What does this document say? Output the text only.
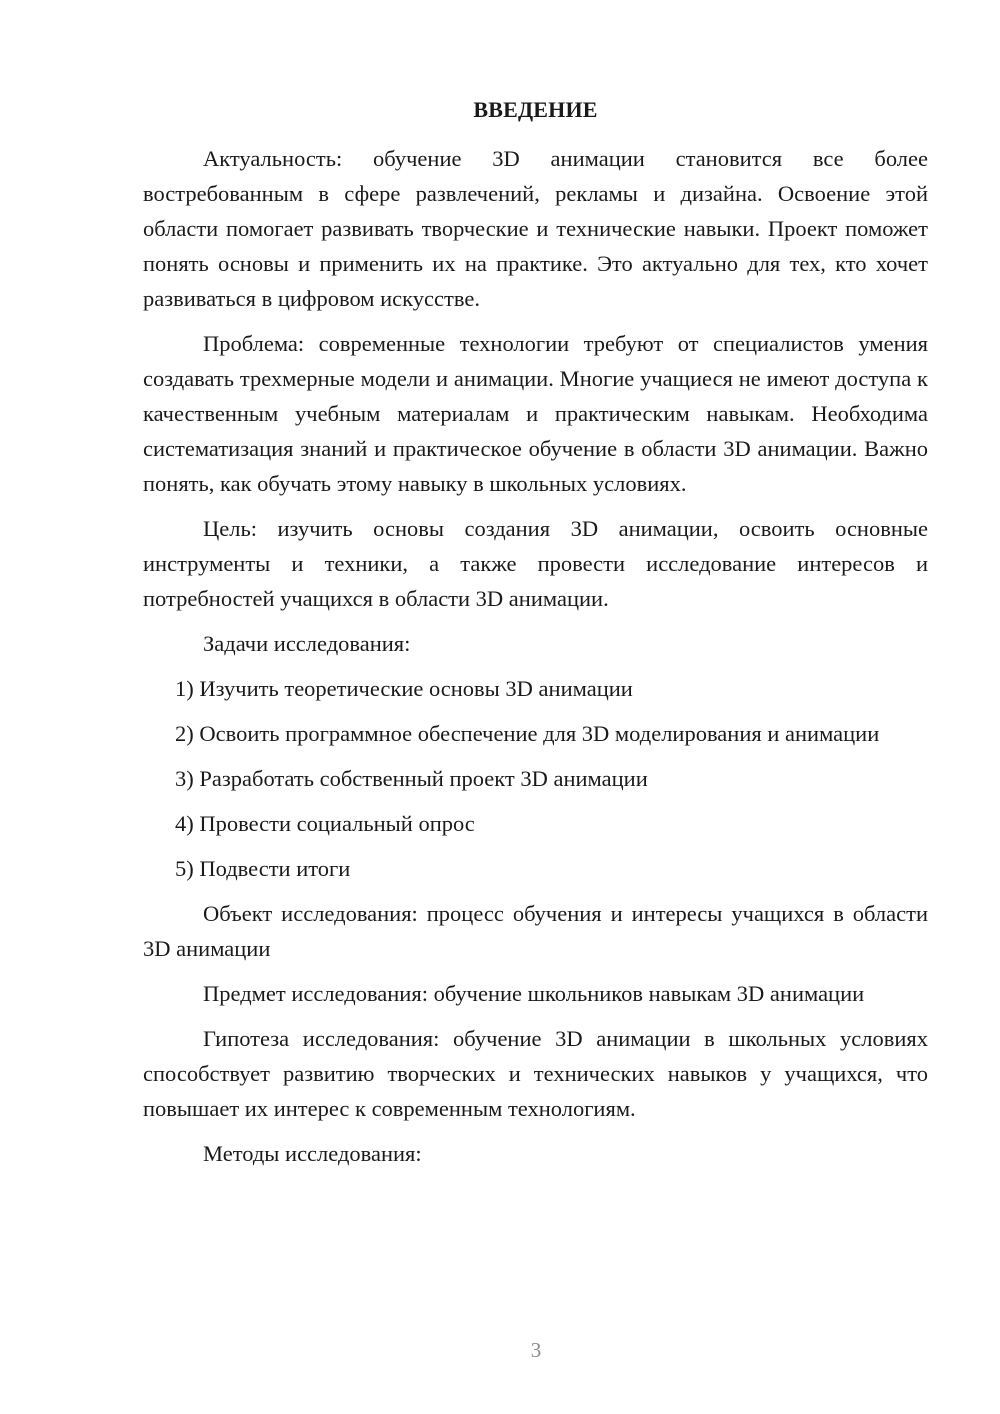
ВВЕДЕНИЕ

Актуальность: обучение 3D анимации становится все более востребованным в сфере развлечений, рекламы и дизайна. Освоение этой области помогает развивать творческие и технические навыки. Проект поможет понять основы и применить их на практике. Это актуально для тех, кто хочет развиваться в цифровом искусстве.

Проблема: современные технологии требуют от специалистов умения создавать трехмерные модели и анимации. Многие учащиеся не имеют доступа к качественным учебным материалам и практическим навыкам. Необходима систематизация знаний и практическое обучение в области 3D анимации. Важно понять, как обучать этому навыку в школьных условиях.

Цель: изучить основы создания 3D анимации, освоить основные инструменты и техники, а также провести исследование интересов и потребностей учащихся в области 3D анимации.

Задачи исследования:

1) Изучить теоретические основы 3D анимации

2) Освоить программное обеспечение для 3D моделирования и анимации

3) Разработать собственный проект 3D анимации

4) Провести социальный опрос

5) Подвести итоги

Объект исследования: процесс обучения и интересы учащихся в области 3D анимации

Предмет исследования: обучение школьников навыкам 3D анимации

Гипотеза исследования: обучение 3D анимации в школьных условиях способствует развитию творческих и технических навыков у учащихся, что повышает их интерес к современным технологиям.

Методы исследования:

3
